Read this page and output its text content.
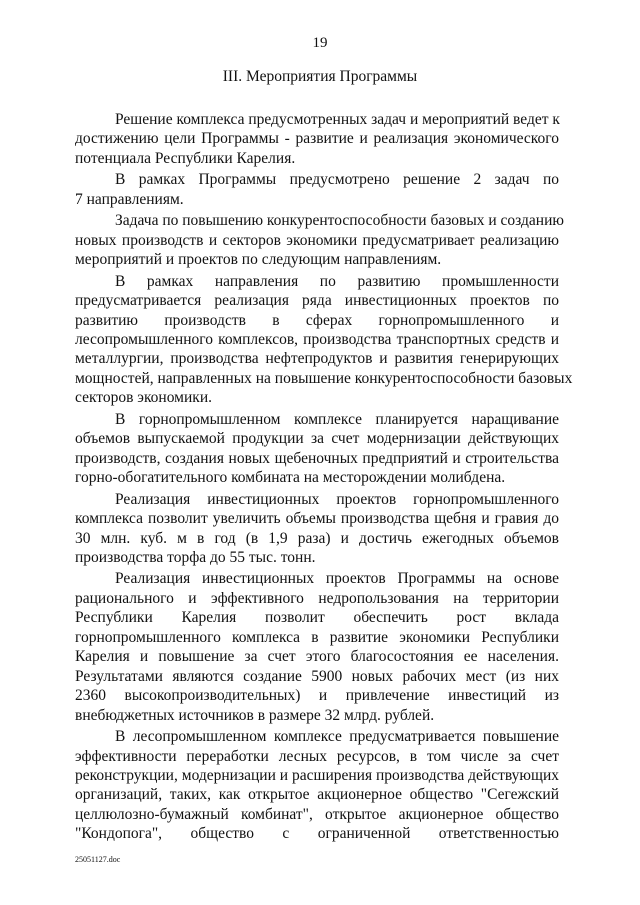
19
III. Мероприятия Программы
Решение комплекса предусмотренных задач и мероприятий ведет к
достижению цели Программы - развитие и реализация экономического
потенциала Республики Карелия.
В рамках Программы предусмотрено решение 2 задач по
7 направлениям.
Задача по повышению конкурентоспособности базовых и созданию
новых производств и секторов экономики предусматривает реализацию
мероприятий и проектов по следующим направлениям.
В рамках направления по развитию промышленности
предусматривается реализация ряда инвестиционных проектов по
развитию производств в сферах горнопромышленного и
лесопромышленного комплексов, производства транспортных средств и
металлургии, производства нефтепродуктов и развития генерирующих
мощностей, направленных на повышение конкурентоспособности базовых
секторов экономики.
В горнопромышленном комплексе планируется наращивание
объемов выпускаемой продукции за счет модернизации действующих
производств, создания новых щебеночных предприятий и строительства
горно-обогатительного комбината на месторождении молибдена.
Реализация инвестиционных проектов горнопромышленного
комплекса позволит увеличить объемы производства щебня и гравия до
30 млн. куб. м в год (в 1,9 раза) и достичь ежегодных объемов
производства торфа до 55 тыс. тонн.
Реализация инвестиционных проектов Программы на основе
рационального и эффективного недропользования на территории
Республики Карелия позволит обеспечить рост вклада
горнопромышленного комплекса в развитие экономики Республики
Карелия и повышение за счет этого благосостояния ее населения.
Результатами являются создание 5900 новых рабочих мест (из них
2360 высокопроизводительных) и привлечение инвестиций из
внебюджетных источников в размере 32 млрд. рублей.
В лесопромышленном комплексе предусматривается повышение
эффективности переработки лесных ресурсов, в том числе за счет
реконструкции, модернизации и расширения производства действующих
организаций, таких, как открытое акционерное общество "Сегежский
целлюлозно-бумажный комбинат", открытое акционерное общество
"Кондопога", общество с ограниченной ответственностью
25051127.doc
